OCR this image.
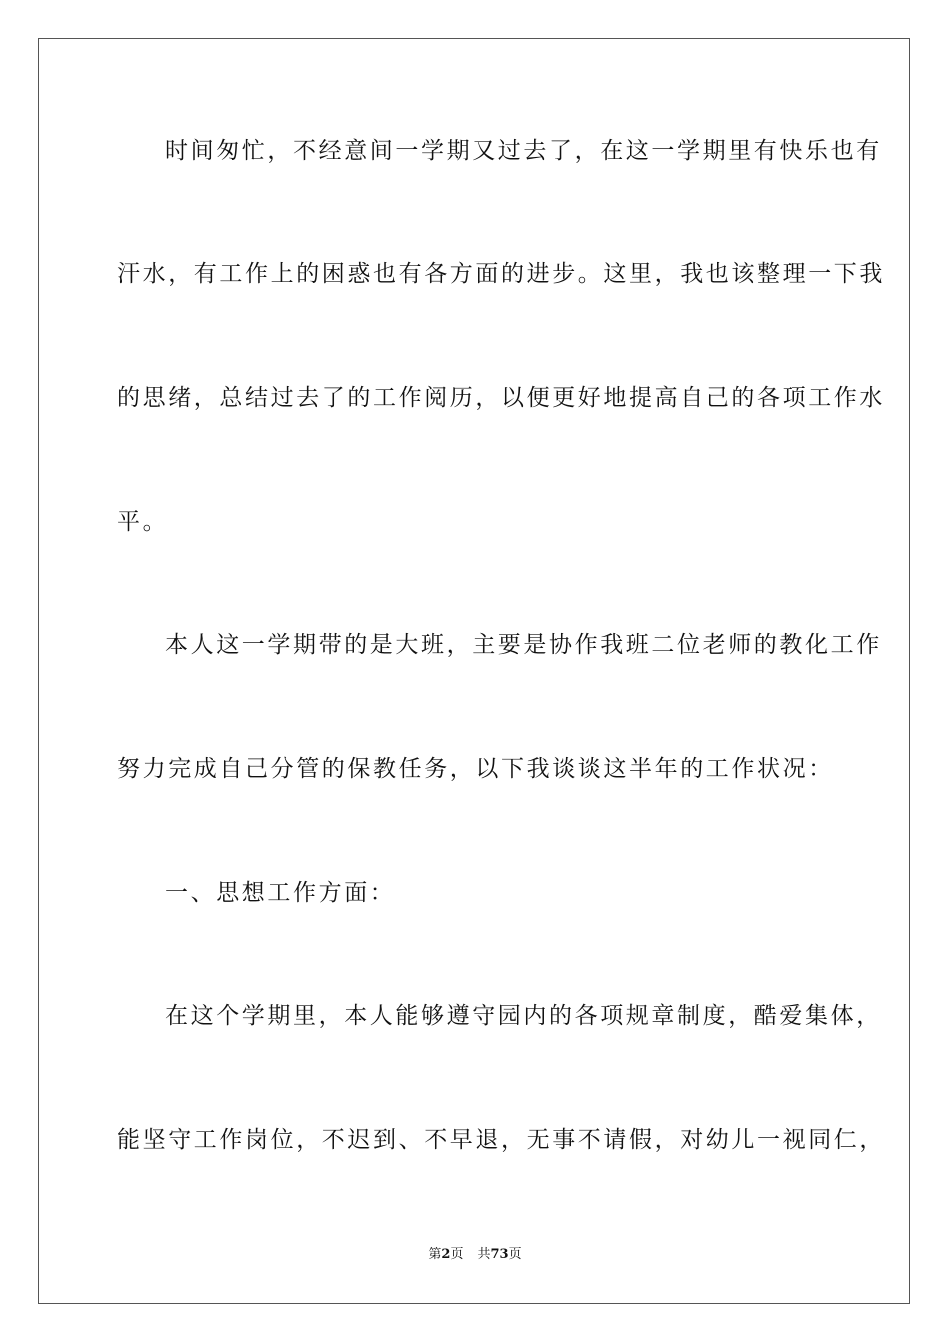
时间匆忙，不经意间一学期又过去了，在这一学期里有快乐也有
汗水，有工作上的困惑也有各方面的进步。这里，我也该整理一下我
的思绪，总结过去了的工作阅历，以便更好地提高自己的各项工作水
平。
本人这一学期带的是大班，主要是协作我班二位老师的教化工作
努力完成自己分管的保教任务，以下我谈谈这半年的工作状况：
一、思想工作方面：
在这个学期里，本人能够遵守园内的各项规章制度，酷爱集体，
能坚守工作岗位，不迟到、不早退，无事不请假，对幼儿一视同仁，
第2页 共73页
